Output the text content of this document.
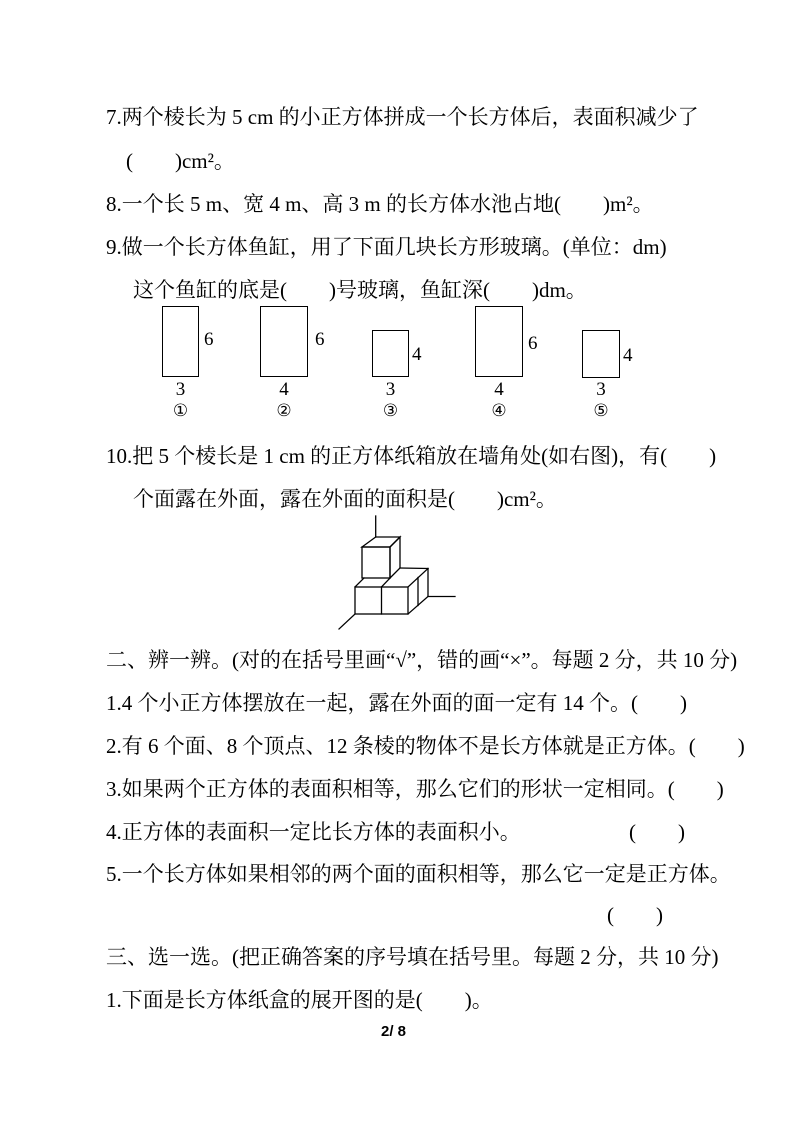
7.两个棱长为 5 cm 的小正方体拼成一个长方体后，表面积减少了
(　　)cm²。
8.一个长 5 m、宽 4 m、高 3 m 的长方体水池占地(　　)m²。
9.做一个长方体鱼缸，用了下面几块长方形玻璃。(单位：dm)
这个鱼缸的底是(　　)号玻璃，鱼缸深(　　)dm。
6
3
①
6
4
②
4
3
③
6
4
④
4
3
⑤
10.把 5 个棱长是 1 cm 的正方体纸箱放在墙角处(如右图)，有(　　)
个面露在外面，露在外面的面积是(　　)cm²。
二、辨一辨。(对的在括号里画“√”，错的画“×”。每题 2 分，共 10 分)
1.4 个小正方体摆放在一起，露在外面的面一定有 14 个。 (　　)
2.有 6 个面、8 个顶点、12 条棱的物体不是长方体就是正方体。 (　　)
3.如果两个正方体的表面积相等，那么它们的形状一定相同。 (　　)
4.正方体的表面积一定比长方体的表面积小。	(　　)
5.一个长方体如果相邻的两个面的面积相等，那么它一定是正方体。
(　　)
三、选一选。(把正确答案的序号填在括号里。每题 2 分，共 10 分)
1.下面是长方体纸盒的展开图的是(　　)。
2/ 8
